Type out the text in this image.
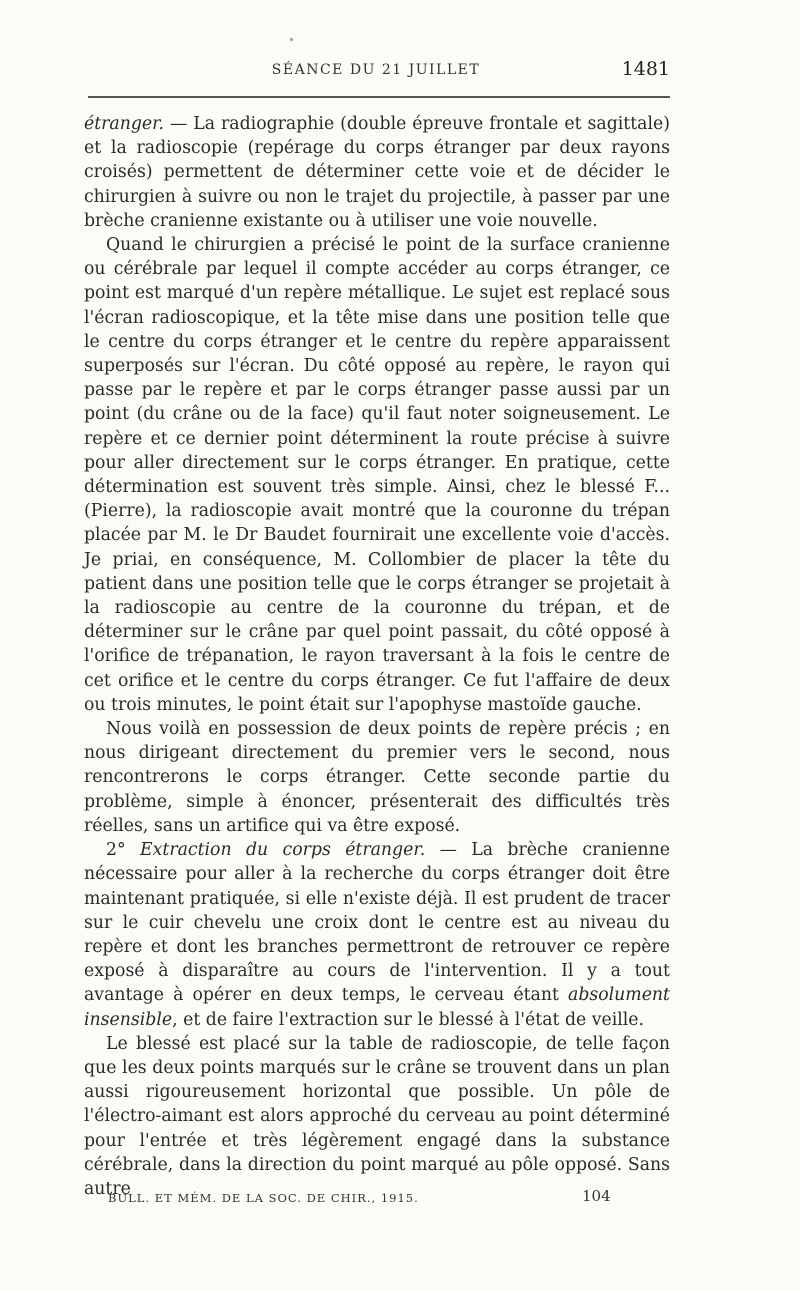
SÉANCE DU 21 JUILLET	1481

étranger. — La radiographie (double épreuve frontale et sagittale) et la radioscopie (repérage du corps étranger par deux rayons croisés) permettent de déterminer cette voie et de décider le chirurgien à suivre ou non le trajet du projectile, à passer par une brèche cranienne existante ou à utiliser une voie nouvelle.

Quand le chirurgien a précisé le point de la surface cranienne ou cérébrale par lequel il compte accéder au corps étranger, ce point est marqué d'un repère métallique. Le sujet est replacé sous l'écran radioscopique, et la tête mise dans une position telle que le centre du corps étranger et le centre du repère apparaissent superposés sur l'écran. Du côté opposé au repère, le rayon qui passe par le repère et par le corps étranger passe aussi par un point (du crâne ou de la face) qu'il faut noter soigneusement. Le repère et ce dernier point déterminent la route précise à suivre pour aller directement sur le corps étranger. En pratique, cette détermination est souvent très simple. Ainsi, chez le blessé F... (Pierre), la radioscopie avait montré que la couronne du trépan placée par M. le Dr Baudet fournirait une excellente voie d'accès. Je priai, en conséquence, M. Collombier de placer la tête du patient dans une position telle que le corps étranger se projetait à la radioscopie au centre de la couronne du trépan, et de déterminer sur le crâne par quel point passait, du côté opposé à l'orifice de trépanation, le rayon traversant à la fois le centre de cet orifice et le centre du corps étranger. Ce fut l'affaire de deux ou trois minutes, le point était sur l'apophyse mastoïde gauche.

Nous voilà en possession de deux points de repère précis ; en nous dirigeant directement du premier vers le second, nous rencontrerons le corps étranger. Cette seconde partie du problème, simple à énoncer, présenterait des difficultés très réelles, sans un artifice qui va être exposé.

2° Extraction du corps étranger. — La brèche cranienne nécessaire pour aller à la recherche du corps étranger doit être maintenant pratiquée, si elle n'existe déjà. Il est prudent de tracer sur le cuir chevelu une croix dont le centre est au niveau du repère et dont les branches permettront de retrouver ce repère exposé à disparaître au cours de l'intervention. Il y a tout avantage à opérer en deux temps, le cerveau étant absolument insensible, et de faire l'extraction sur le blessé à l'état de veille.

Le blessé est placé sur la table de radioscopie, de telle façon que les deux points marqués sur le crâne se trouvent dans un plan aussi rigoureusement horizontal que possible. Un pôle de l'électro-aimant est alors approché du cerveau au point déterminé pour l'entrée et très légèrement engagé dans la substance cérébrale, dans la direction du point marqué au pôle opposé. Sans autre

BULL. ET MÉM. DE LA SOC. DE CHIR., 1915.	104
